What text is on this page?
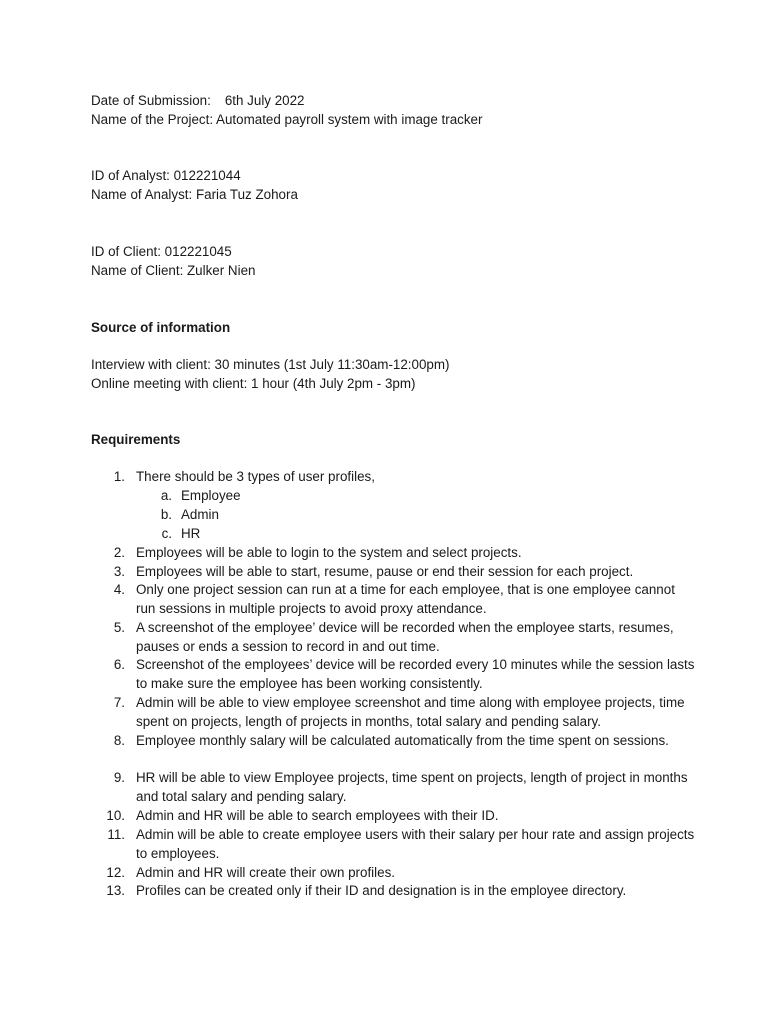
Date of Submission: 6th July 2022
Name of the Project: Automated payroll system with image tracker
ID of Analyst: 012221044
Name of Analyst: Faria Tuz Zohora
ID of Client: 012221045
Name of Client: Zulker Nien
Source of information
Interview with client: 30 minutes (1st July 11:30am-12:00pm)
Online meeting with client: 1 hour (4th July 2pm - 3pm)
Requirements
1. There should be 3 types of user profiles,
a. Employee
b. Admin
c. HR
2. Employees will be able to login to the system and select projects.
3. Employees will be able to start, resume, pause or end their session for each project.
4. Only one project session can run at a time for each employee, that is one employee cannot run sessions in multiple projects to avoid proxy attendance.
5. A screenshot of the employee’ device will be recorded when the employee starts, resumes, pauses or ends a session to record in and out time.
6. Screenshot of the employees’ device will be recorded every 10 minutes while the session lasts to make sure the employee has been working consistently.
7. Admin will be able to view employee screenshot and time along with employee projects, time spent on projects, length of projects in months, total salary and pending salary.
8. Employee monthly salary will be calculated automatically from the time spent on sessions.
9. HR will be able to view Employee projects, time spent on projects, length of project in months and total salary and pending salary.
10. Admin and HR will be able to search employees with their ID.
11. Admin will be able to create employee users with their salary per hour rate and assign projects to employees.
12. Admin and HR will create their own profiles.
13. Profiles can be created only if their ID and designation is in the employee directory.
